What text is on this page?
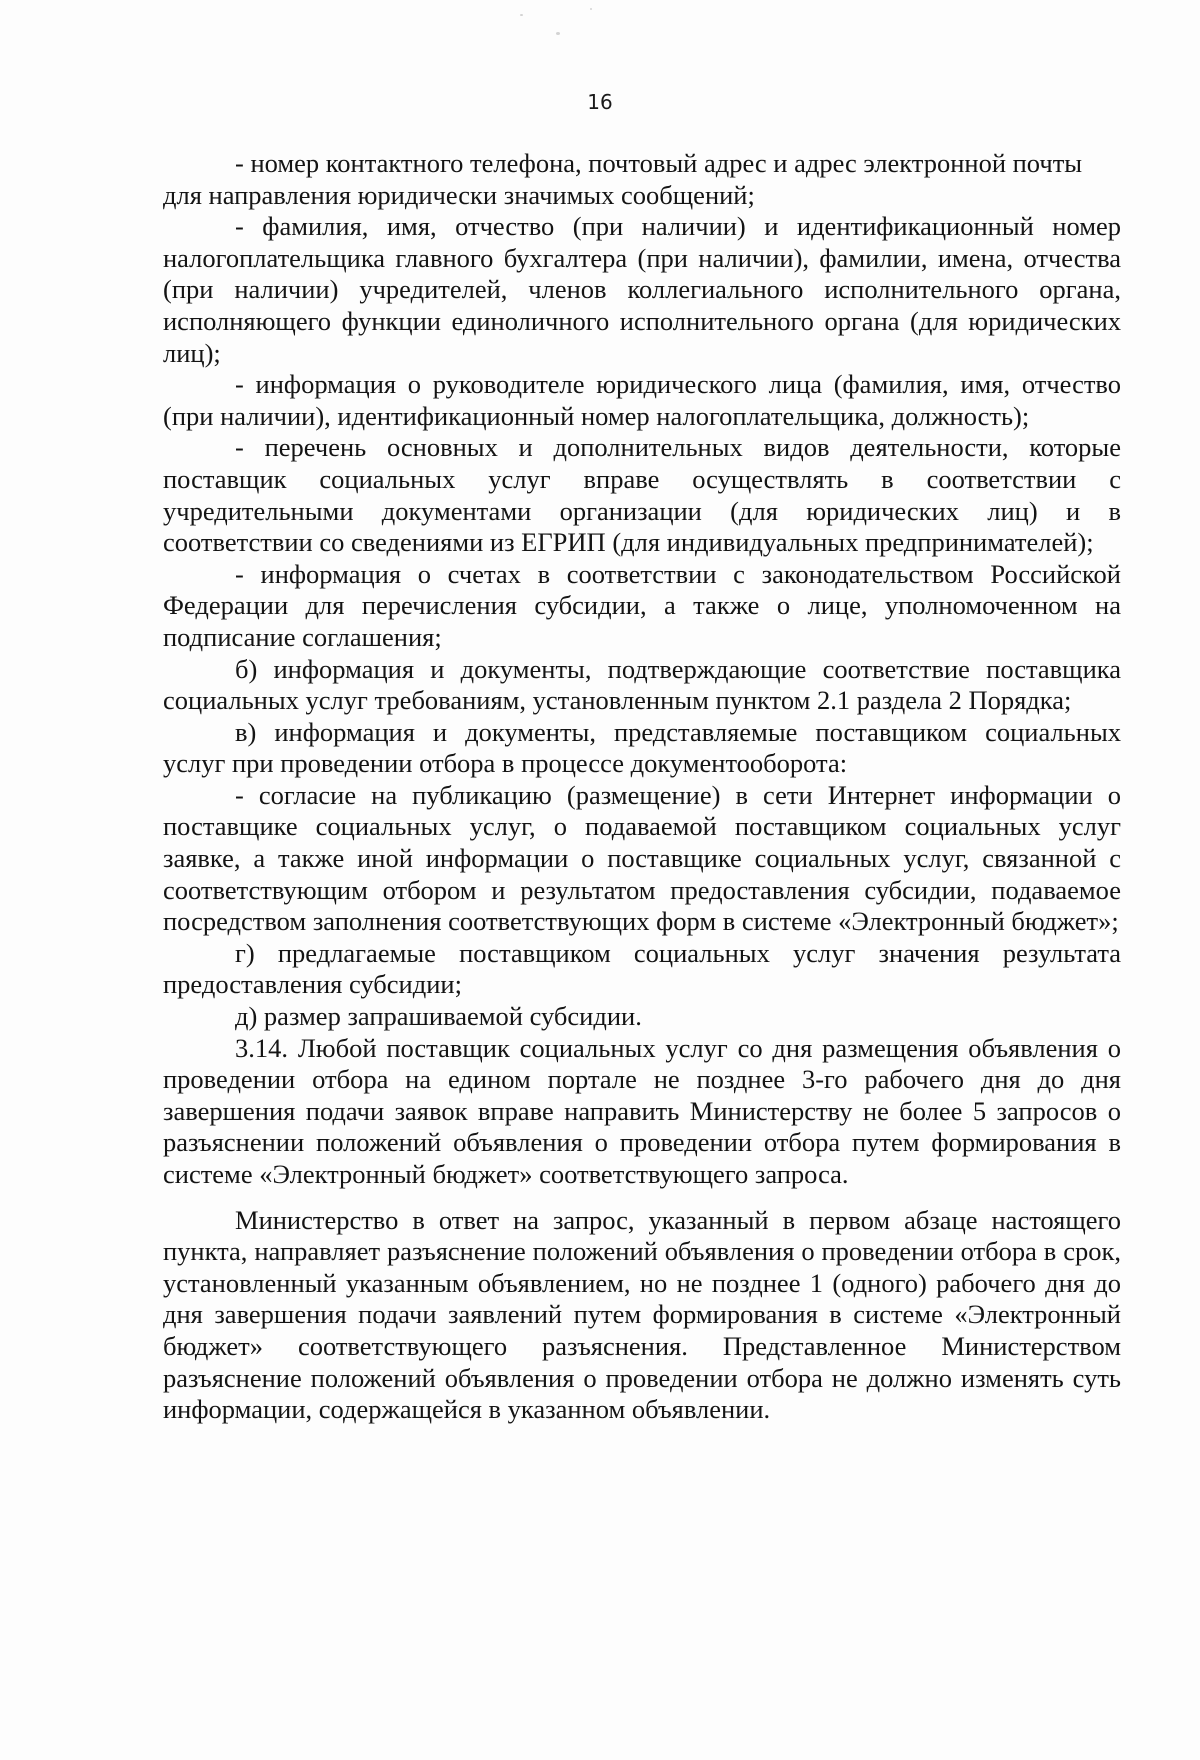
16

- номер контактного телефона, почтовый адрес и адрес электронной почты

для направления юридически значимых сообщений;

- фамилия, имя, отчество (при наличии) и идентификационный номер налогоплательщика главного бухгалтера (при наличии), фамилии, имена, отчества (при наличии) учредителей, членов коллегиального исполнительного органа, исполняющего функции единоличного исполнительного органа (для юридических лиц);

- информация о руководителе юридического лица (фамилия, имя, отчество (при наличии), идентификационный номер налогоплательщика, должность);

- перечень основных и дополнительных видов деятельности, которые поставщик социальных услуг вправе осуществлять в соответствии с учредительными документами организации (для юридических лиц) и в соответствии со сведениями из ЕГРИП (для индивидуальных предпринимателей);

- информация о счетах в соответствии с законодательством Российской Федерации для перечисления субсидии, а также о лице, уполномоченном на подписание соглашения;

б) информация и документы, подтверждающие соответствие поставщика социальных услуг требованиям, установленным пунктом 2.1 раздела 2 Порядка;

в) информация и документы, представляемые поставщиком социальных услуг при проведении отбора в процессе документооборота:

- согласие на публикацию (размещение) в сети Интернет информации о поставщике социальных услуг, о подаваемой поставщиком социальных услуг заявке, а также иной информации о поставщике социальных услуг, связанной с соответствующим отбором и результатом предоставления субсидии, подаваемое посредством заполнения соответствующих форм в системе «Электронный бюджет»;

г) предлагаемые поставщиком социальных услуг значения результата предоставления субсидии;

д) размер запрашиваемой субсидии.

3.14. Любой поставщик социальных услуг со дня размещения объявления о проведении отбора на едином портале не позднее 3-го рабочего дня до дня завершения подачи заявок вправе направить Министерству не более 5 запросов о разъяснении положений объявления о проведении отбора путем формирования в системе «Электронный бюджет» соответствующего запроса.

Министерство в ответ на запрос, указанный в первом абзаце настоящего пункта, направляет разъяснение положений объявления о проведении отбора в срок, установленный указанным объявлением, но не позднее 1 (одного) рабочего дня до дня завершения подачи заявлений путем формирования в системе «Электронный бюджет» соответствующего разъяснения. Представленное Министерством разъяснение положений объявления о проведении отбора не должно изменять суть информации, содержащейся в указанном объявлении.
